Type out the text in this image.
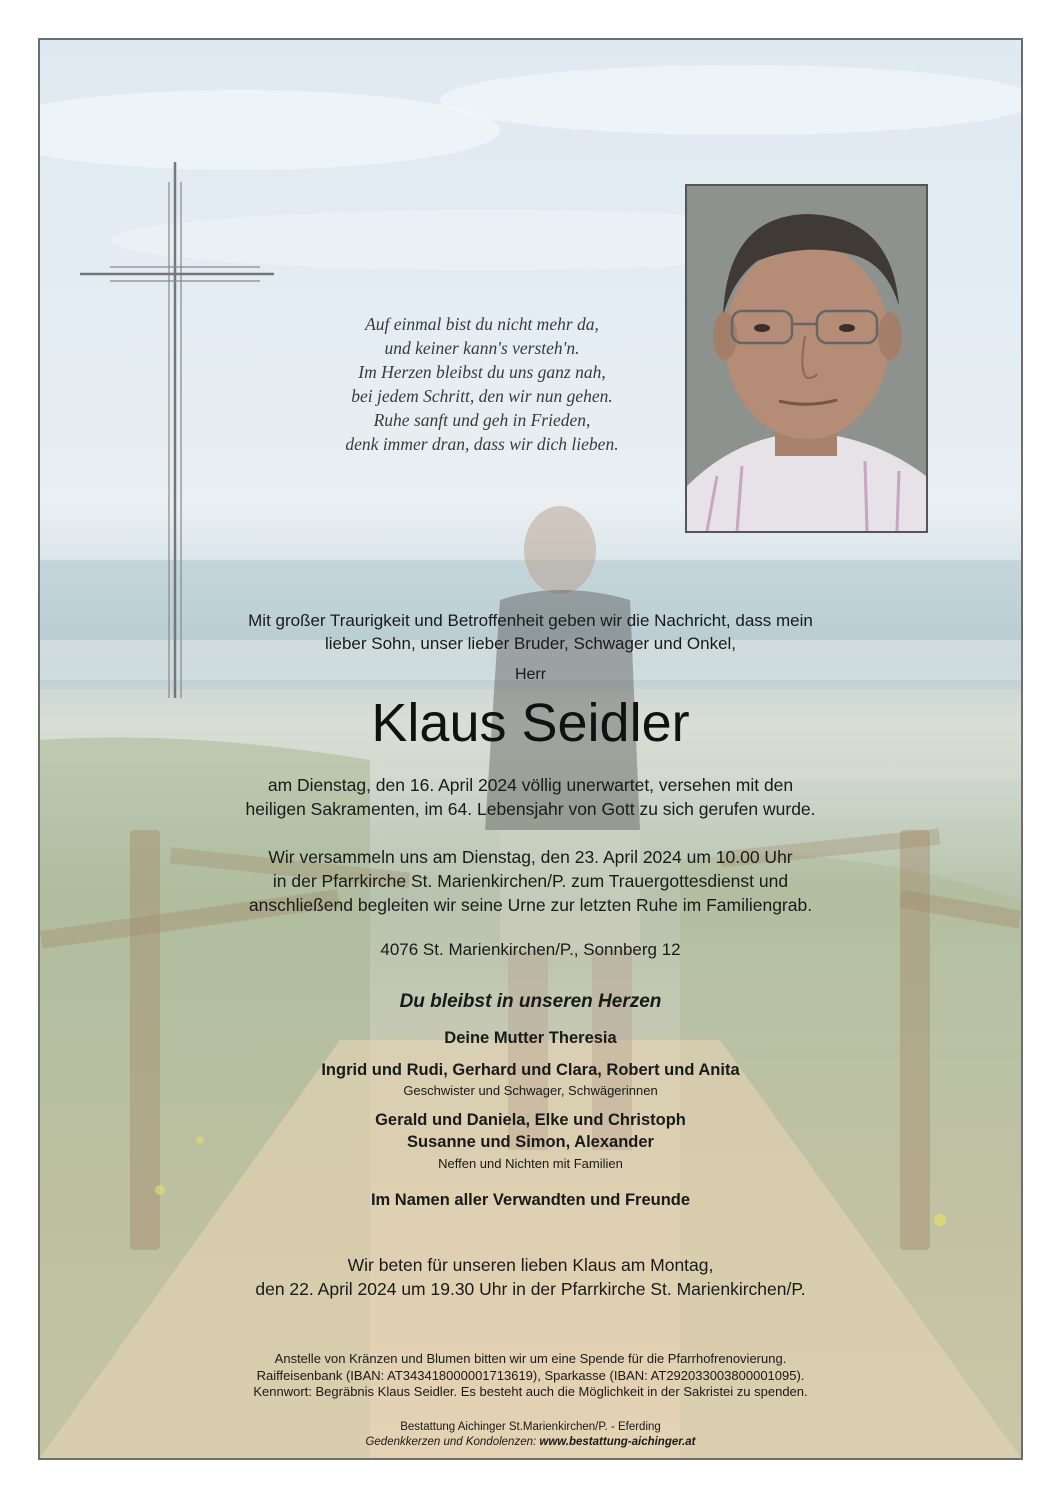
Auf einmal bist du nicht mehr da,
und keiner kann's versteh'n.
Im Herzen bleibst du uns ganz nah,
bei jedem Schritt, den wir nun gehen.
Ruhe sanft und geh in Frieden,
denk immer dran, dass wir dich lieben.
Mit großer Traurigkeit und Betroffenheit geben wir die Nachricht, dass mein
lieber Sohn, unser lieber Bruder, Schwager und Onkel,
Herr
Klaus Seidler
am Dienstag, den 16. April 2024 völlig unerwartet, versehen mit den
heiligen Sakramenten, im 64. Lebensjahr von Gott zu sich gerufen wurde.
Wir versammeln uns am Dienstag, den 23. April 2024 um 10.00 Uhr
in der Pfarrkirche St. Marienkirchen/P. zum Trauergottesdienst und
anschließend begleiten wir seine Urne zur letzten Ruhe im Familiengrab.
4076 St. Marienkirchen/P., Sonnberg 12
Du bleibst in unseren Herzen
Deine Mutter Theresia
Ingrid und Rudi, Gerhard und Clara, Robert und Anita
Geschwister und Schwager, Schwägerinnen
Gerald und Daniela, Elke und Christoph
Susanne und Simon, Alexander
Neffen und Nichten mit Familien
Im Namen aller Verwandten und Freunde
Wir beten für unseren lieben Klaus am Montag,
den 22. April 2024 um 19.30 Uhr in der Pfarrkirche St. Marienkirchen/P.
Anstelle von Kränzen und Blumen bitten wir um eine Spende für die Pfarrhofrenovierung.
Raiffeisenbank (IBAN: AT343418000001713619), Sparkasse (IBAN: AT292033003800001095).
Kennwort: Begräbnis Klaus Seidler. Es besteht auch die Möglichkeit in der Sakristei zu spenden.
Bestattung Aichinger St.Marienkirchen/P. - Eferding
Gedenkkerzen und Kondolenzen: www.bestattung-aichinger.at
